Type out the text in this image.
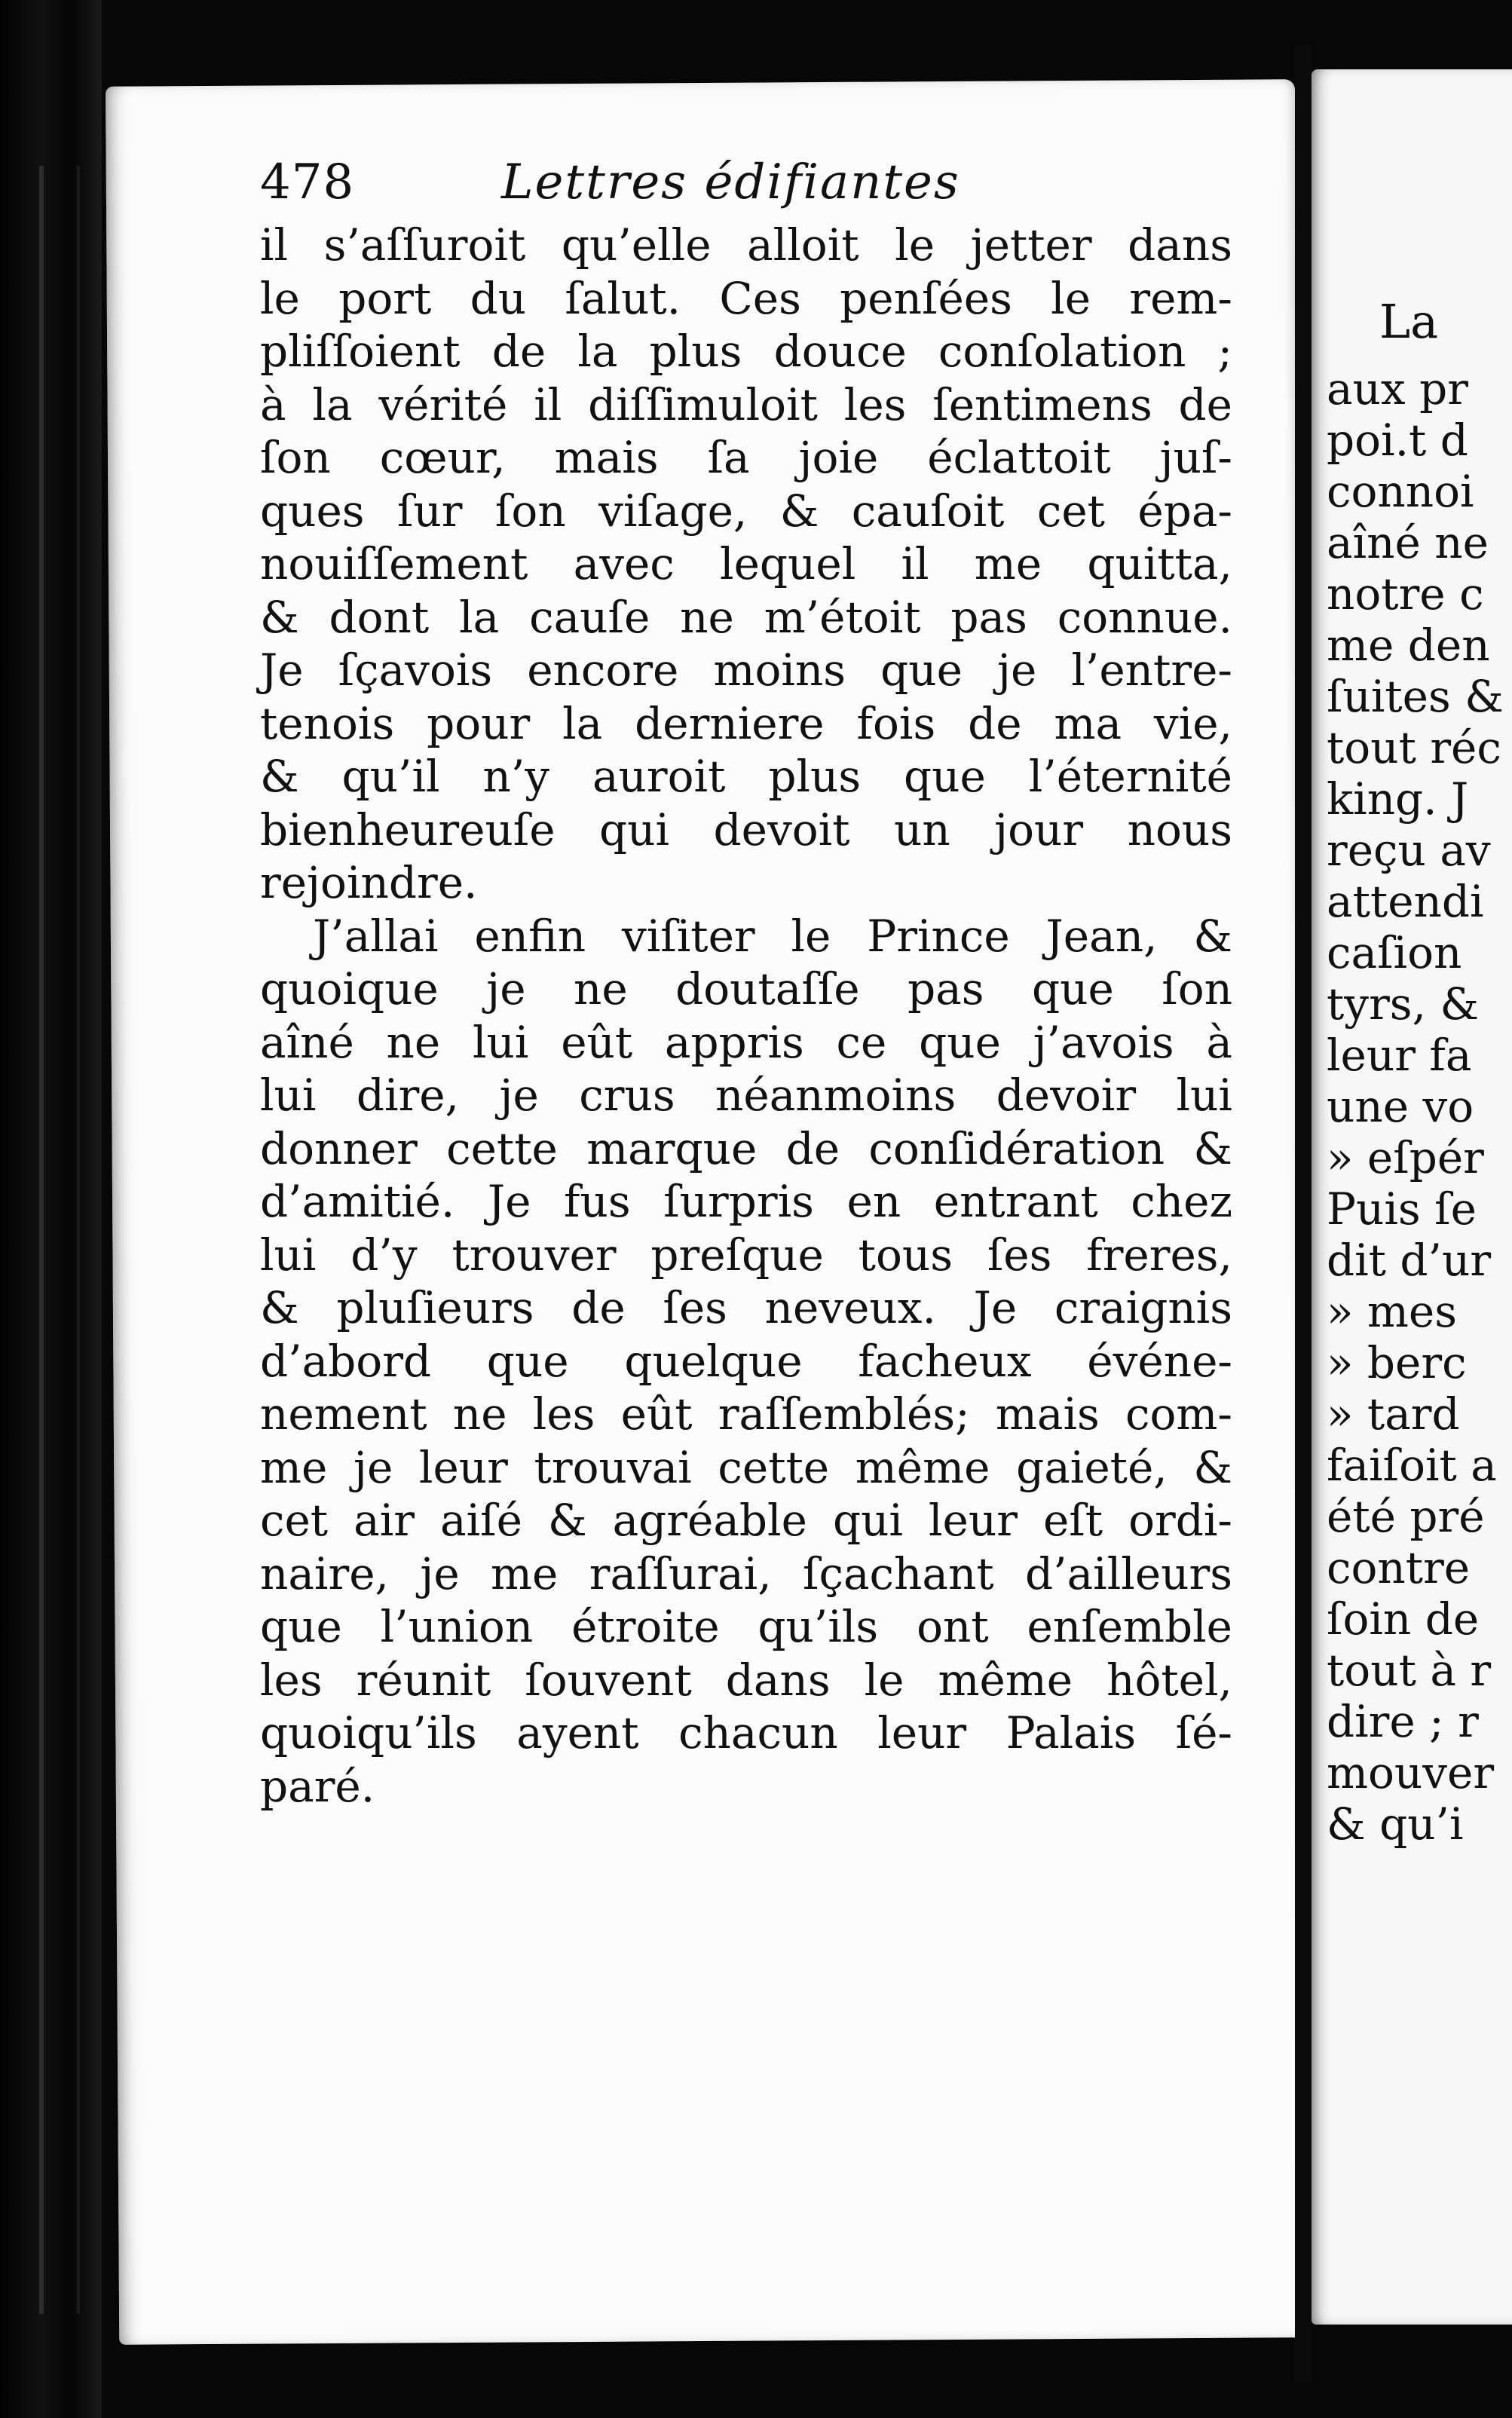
478	Lettres édifiantes
il s’aſſuroit qu’elle alloit le jetter dans
le port du ſalut. Ces penſées le rem-
pliſſoient de la plus douce conſolation ;
à la vérité il diſſimuloit les ſentimens de
ſon cœur, mais ſa joie éclattoit juſ-
ques ſur ſon viſage, & cauſoit cet épa-
nouiſſement avec lequel il me quitta,
& dont la cauſe ne m’étoit pas connue.
Je ſçavois encore moins que je l’entre-
tenois pour la derniere fois de ma vie,
& qu’il n’y auroit plus que l’éternité
bienheureuſe qui devoit un jour nous
rejoindre.
J’allai enfin viſiter le Prince Jean, &
quoique je ne doutaſſe pas que ſon
aîné ne lui eût appris ce que j’avois à
lui dire, je crus néanmoins devoir lui
donner cette marque de conſidération &
d’amitié. Je fus ſurpris en entrant chez
lui d’y trouver preſque tous ſes freres,
& pluſieurs de ſes neveux. Je craignis
d’abord que quelque facheux événe-
nement ne les eût raſſemblés; mais com-
me je leur trouvai cette même gaieté, &
cet air aiſé & agréable qui leur eſt ordi-
naire, je me raſſurai, ſçachant d’ailleurs
que l’union étroite qu’ils ont enſemble
les réunit ſouvent dans le même hôtel,
quoiqu’ils ayent chacun leur Palais ſé-
paré.
La
aux pr
poi.t d
connoi
aîné ne
notre c
me den
ſuites &
tout réc
king. J
reçu av
attendi
caſion
tyrs, &
leur fa
une vo
» eſpér
Puis ſe
dit d’ur
» mes
» berc
» tard
faiſoit a
été pré
contre
ſoin de
tout à r
dire ; r
mouver
& qu’i
